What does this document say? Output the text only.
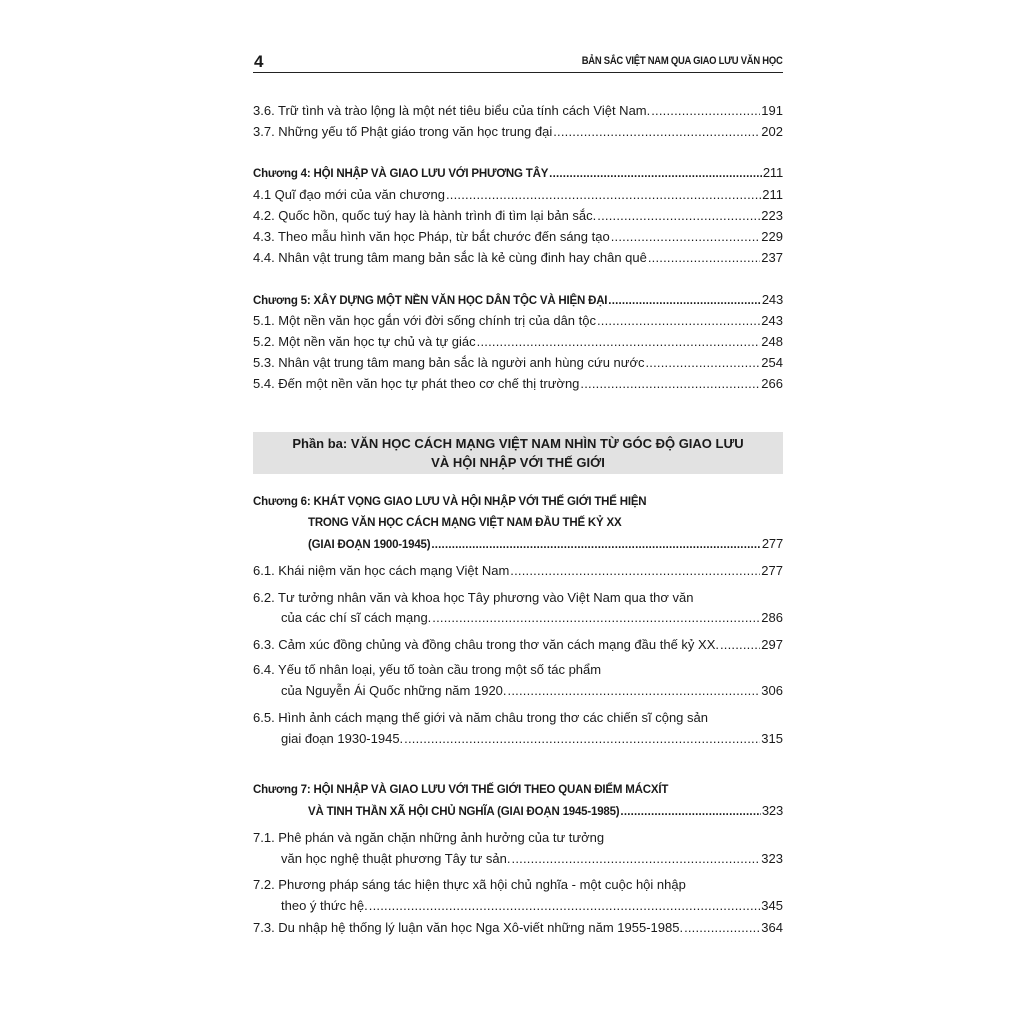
4	BẢN SẮC VIỆT NAM QUA GIAO LƯU VĂN HỌC
3.6. Trữ tình và trào lộng là một nét tiêu biểu của tính cách Việt Nam. .....	191
3.7. Những yếu tố Phật giáo trong văn học trung đại .....	202
Chương 4: HỘI NHẬP VÀ GIAO LƯU VỚI PHƯƠNG TÂY .....	211
4.1 Quĩ đạo mới của văn chương .....	211
4.2. Quốc hồn, quốc tuý hay là hành trình đi tìm lại bản sắc. .....	223
4.3. Theo mẫu hình văn học Pháp, từ bắt chước đến sáng tạo .....	229
4.4. Nhân vật trung tâm mang bản sắc là kẻ cùng đinh hay chân quê .....	237
Chương 5: XÂY DỰNG MỘT NỀN VĂN HỌC DÂN TỘC VÀ HIỆN ĐẠI .....	243
5.1. Một nền văn học gắn với đời sống chính trị của dân tộc .....	243
5.2. Một nền văn học tự chủ và tự giác .....	248
5.3. Nhân vật trung tâm mang bản sắc là người anh hùng cứu nước .....	254
5.4. Đến một nền văn học tự phát theo cơ chế thị trường .....	266
Phần ba: VĂN HỌC CÁCH MẠNG VIỆT NAM NHÌN TỪ GÓC ĐỘ GIAO LƯU
VÀ HỘI NHẬP VỚI THẾ GIỚI
Chương 6: KHÁT VỌNG GIAO LƯU VÀ HỘI NHẬP VỚI THẾ GIỚI THỂ HIỆN
TRONG VĂN HỌC CÁCH MẠNG VIỆT NAM ĐẦU THẾ KỶ XX
(GIAI ĐOẠN 1900-1945) .....	277
6.1. Khái niệm văn học cách mạng Việt Nam .....	277
6.2. Tư tưởng nhân văn và khoa học Tây phương vào Việt Nam qua thơ văn
của các chí sĩ cách mạng. .....	286
6.3. Cảm xúc đồng chủng và đồng châu trong thơ văn cách mạng đầu thế kỷ XX. .....	297
6.4. Yếu tố nhân loại, yếu tố toàn cầu trong một số tác phẩm
của Nguyễn Ái Quốc những năm 1920. .....	306
6.5. Hình ảnh cách mạng thế giới và năm châu trong thơ các chiến sĩ cộng sản
giai đoạn 1930-1945. .....	315
Chương 7: HỘI NHẬP VÀ GIAO LƯU VỚI THẾ GIỚI THEO QUAN ĐIỂM MÁCXÍT
VÀ TINH THẦN XÃ HỘI CHỦ NGHĨA (GIAI ĐOẠN 1945-1985) .....	323
7.1. Phê phán và ngăn chặn những ảnh hưởng của tư tưởng
văn học nghệ thuật phương Tây tư sản. .....	323
7.2. Phương pháp sáng tác hiện thực xã hội chủ nghĩa - một cuộc hội nhập
theo ý thức hệ. .....	345
7.3. Du nhập hệ thống lý luận văn học Nga Xô-viết những năm 1955-1985. .....	364
